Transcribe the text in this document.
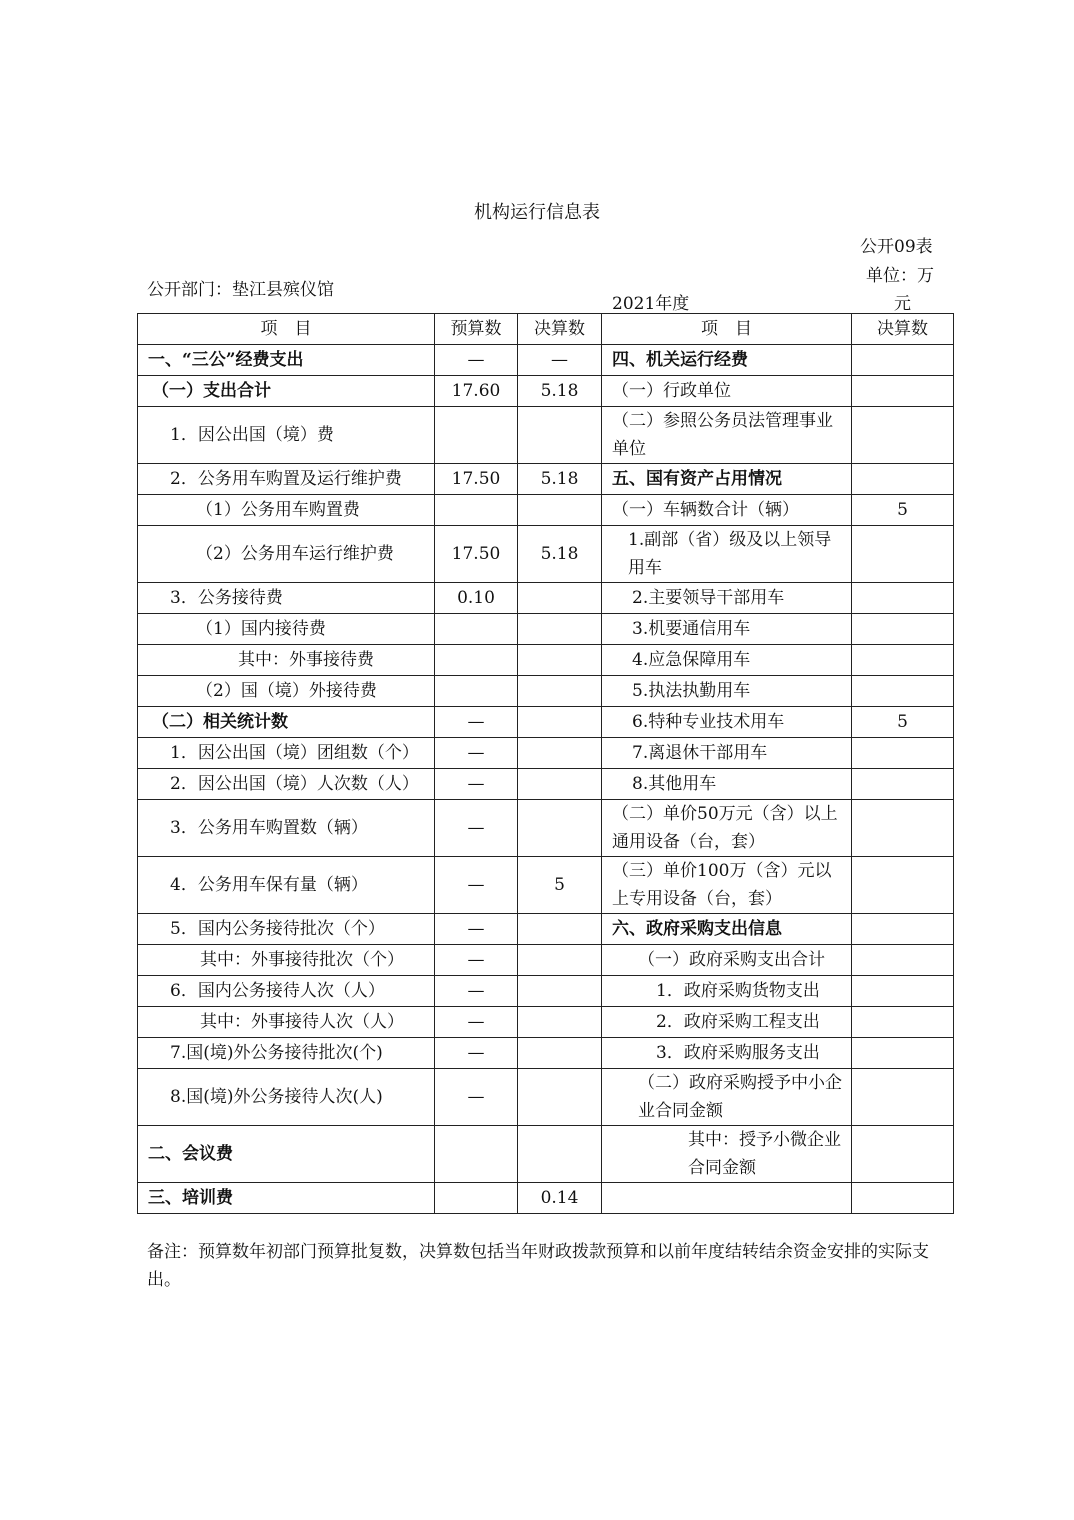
机构运行信息表
公开09表
单位：万
元
公开部门：垫江县殡仪馆
2021年度
项　目	预算数	决算数	项　目	决算数
一、“三公”经费支出	—	—	四、机关运行经费	
（一）支出合计	17.60	5.18	（一）行政单位	
1．因公出国（境）费			（二）参照公务员法管理事业单位	
2．公务用车购置及运行维护费	17.50	5.18	五、国有资产占用情况	
（1）公务用车购置费			（一）车辆数合计（辆）	5
（2）公务用车运行维护费	17.50	5.18	1.副部（省）级及以上领导用车	
3．公务接待费	0.10		2.主要领导干部用车	
（1）国内接待费			3.机要通信用车	
其中：外事接待费			4.应急保障用车	
（2）国（境）外接待费			5.执法执勤用车	
（二）相关统计数	—		6.特种专业技术用车	5
1．因公出国（境）团组数（个）	—		7.离退休干部用车	
2．因公出国（境）人次数（人）	—		8.其他用车	
3．公务用车购置数（辆）	—		（二）单价50万元（含）以上通用设备（台，套）	
4．公务用车保有量（辆）	—	5	（三）单价100万（含）元以上专用设备（台，套）	
5．国内公务接待批次（个）	—		六、政府采购支出信息	
其中：外事接待批次（个）	—		（一）政府采购支出合计	
6．国内公务接待人次（人）	—		1．政府采购货物支出	
其中：外事接待人次（人）	—		2．政府采购工程支出	
7.国(境)外公务接待批次(个)	—		3．政府采购服务支出	
8.国(境)外公务接待人次(人)	—		（二）政府采购授予中小企业合同金额	
二、会议费			其中：授予小微企业合同金额	
三、培训费		0.14		
备注：预算数年初部门预算批复数，决算数包括当年财政拨款预算和以前年度结转结余资金安排的实际支出。
